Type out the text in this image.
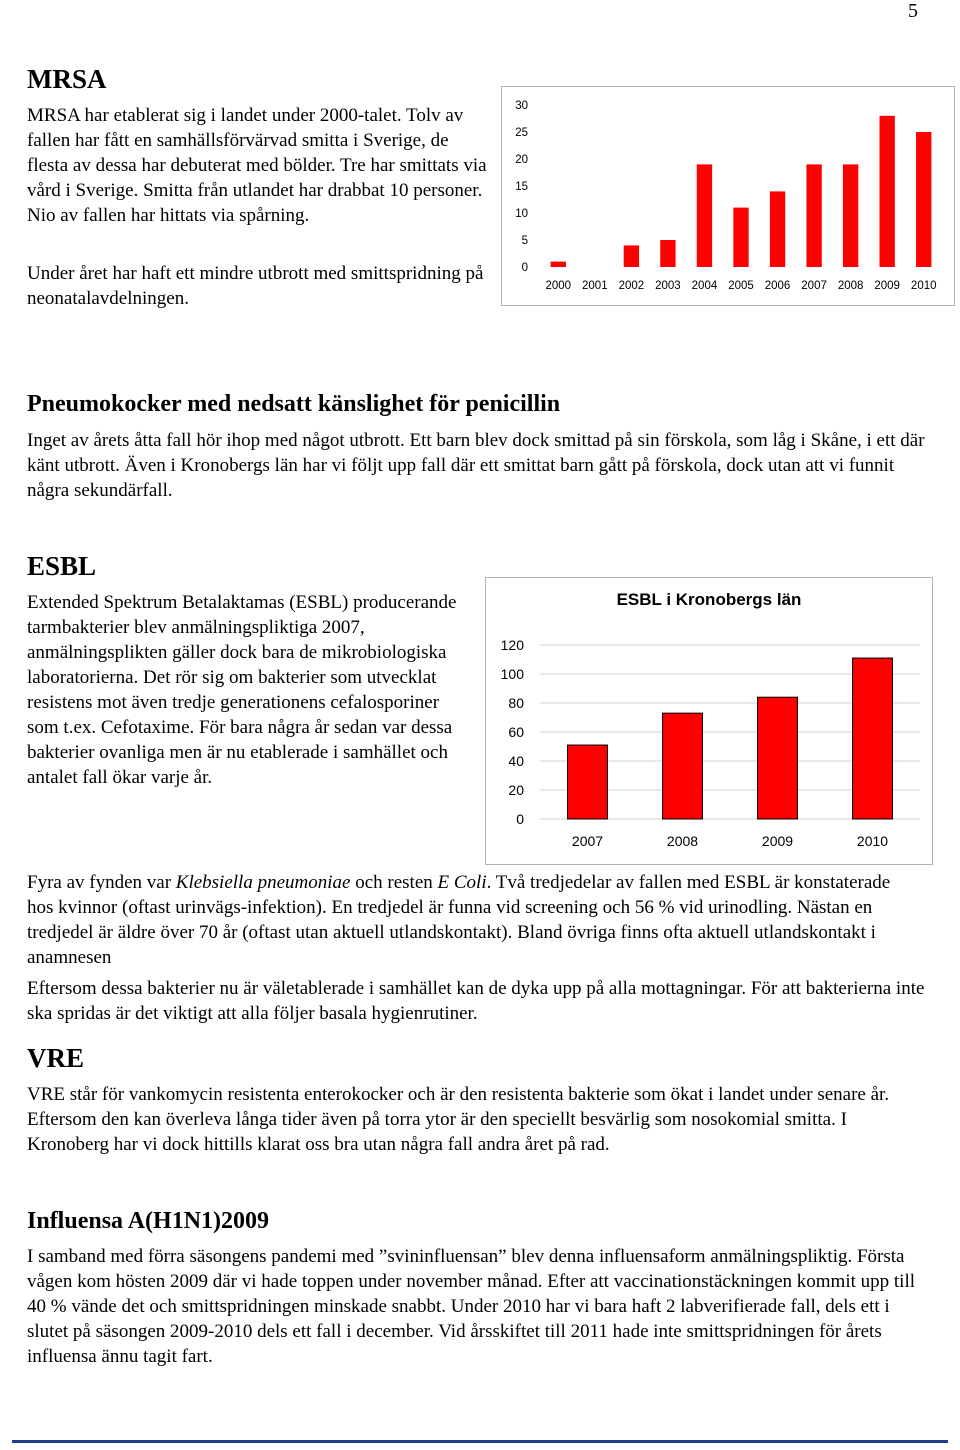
5
MRSA

MRSA har etablerat sig i landet under 2000-talet. Tolv av fallen har fått en samhällsförvärvad smitta i Sverige, de flesta av dessa har debuterat med bölder. Tre har smittats via vård i Sverige. Smitta från utlandet har drabbat 10 personer. Nio av fallen har hittats via spårning.

Under året har haft ett mindre utbrott med smittspridning på neonatalavdelningen.

0
5
10
15
20
25
30
2000 2001 2002 2003 2004 2005 2006 2007 2008 2009 2010
Pneumokocker med nedsatt känslighet för penicillin

Inget av årets åtta fall hör ihop med något utbrott. Ett barn blev dock smittad på sin förskola, som låg i Skåne, i ett där känt utbrott. Även i Kronobergs län har vi följt upp fall där ett smittat barn gått på förskola, dock utan att vi funnit några sekundärfall.

ESBL

Extended Spektrum Betalaktamas (ESBL) producerande tarmbakterier blev anmälningspliktiga 2007, anmälningsplikten gäller dock bara de mikrobiologiska laboratorierna. Det rör sig om bakterier som utvecklat resistens mot även tredje generationens cefalosporiner som t.ex. Cefotaxime. För bara några år sedan var dessa bakterier ovanliga men är nu etablerade i samhället och antalet fall ökar varje år.

ESBL i Kronobergs län
0
20
40
60
80
100
120
2007	2008	2009	2010

Fyra av fynden var Klebsiella pneumoniae och resten E Coli. Två tredjedelar av fallen med ESBL är konstaterade hos kvinnor (oftast urinvägs-infektion). En tredjedel är funna vid screening och 56 % vid urinodling. Nästan en tredjedel är äldre över 70 år (oftast utan aktuell utlandskontakt). Bland övriga finns ofta aktuell utlandskontakt i anamnesen

Eftersom dessa bakterier nu är väletablerade i samhället kan de dyka upp på alla mottagningar. För att bakterierna inte ska spridas är det viktigt att alla följer basala hygienrutiner.

VRE

VRE står för vankomycin resistenta enterokocker och är den resistenta bakterie som ökat i landet under senare år. Eftersom den kan överleva långa tider även på torra ytor är den speciellt besvärlig som nosokomial smitta. I Kronoberg har vi dock hittills klarat oss bra utan några fall andra året på rad.

Influensa A(H1N1)2009

I samband med förra säsongens pandemi med ”svininfluensan” blev denna influensaform anmälningspliktig. Första vågen kom hösten 2009 där vi hade toppen under november månad. Efter att vaccinationstäckningen kommit upp till 40 % vände det och smittspridningen minskade snabbt. Under 2010 har vi bara haft 2 labverifierade fall, dels ett i slutet på säsongen 2009-2010 dels ett fall i december. Vid årsskiftet till 2011 hade inte smittspridningen för årets influensa ännu tagit fart.
